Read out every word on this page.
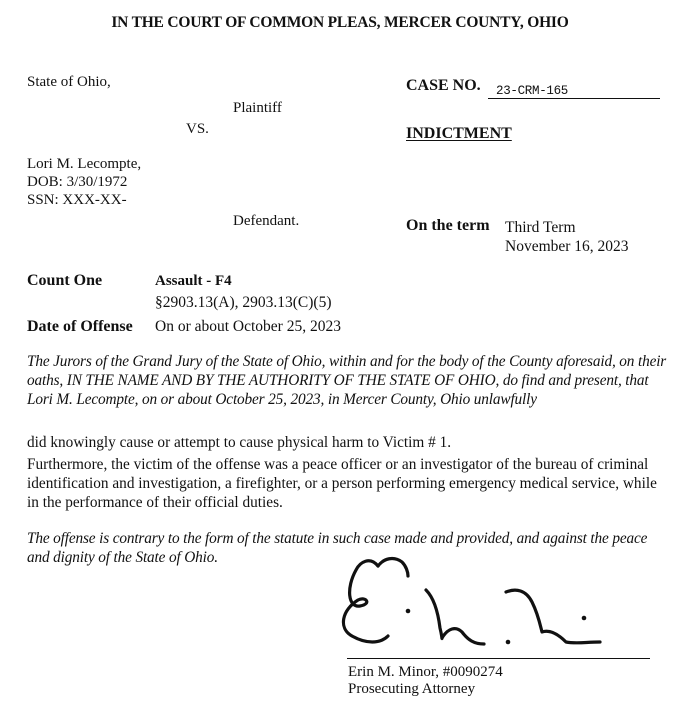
IN THE COURT OF COMMON PLEAS, MERCER COUNTY, OHIO
State of Ohio,
Plaintiff
VS.
Lori M. Lecompte,
DOB: 3/30/1972
SSN: XXX-XX-
Defendant.
CASE NO. 23-CRM-165
INDICTMENT
On the term Third Term
November 16, 2023
Count One	Assault - F4
§2903.13(A), 2903.13(C)(5)
Date of Offense On or about October 25, 2023
The Jurors of the Grand Jury of the State of Ohio, within and for the body of the County aforesaid, on their oaths, IN THE NAME AND BY THE AUTHORITY OF THE STATE OF OHIO, do find and present, that Lori M. Lecompte, on or about October 25, 2023, in Mercer County, Ohio unlawfully
did knowingly cause or attempt to cause physical harm to Victim # 1.
Furthermore, the victim of the offense was a peace officer or an investigator of the bureau of criminal identification and investigation, a firefighter, or a person performing emergency medical service, while in the performance of their official duties.
The offense is contrary to the form of the statute in such case made and provided, and against the peace and dignity of the State of Ohio.
Erin M. Minor, #0090274
Prosecuting Attorney
